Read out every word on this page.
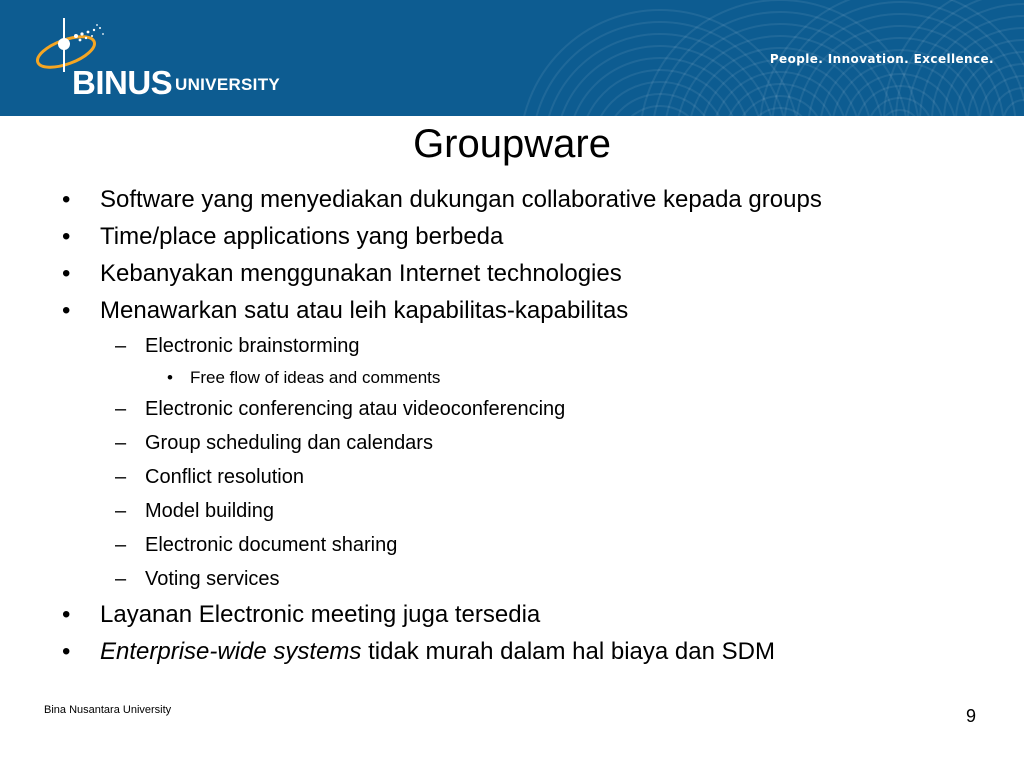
BINUS UNIVERSITY
People. Innovation. Excellence.
Groupware
• Software yang menyediakan dukungan collaborative kepada groups
• Time/place applications yang berbeda
• Kebanyakan menggunakan Internet technologies
• Menawarkan satu atau leih kapabilitas-kapabilitas
– Electronic brainstorming
• Free flow of ideas and comments
– Electronic conferencing atau videoconferencing
– Group scheduling dan calendars
– Conflict resolution
– Model building
– Electronic document sharing
– Voting services
• Layanan Electronic meeting juga tersedia
• Enterprise-wide systems tidak murah dalam hal biaya dan SDM
Bina Nusantara University	9
